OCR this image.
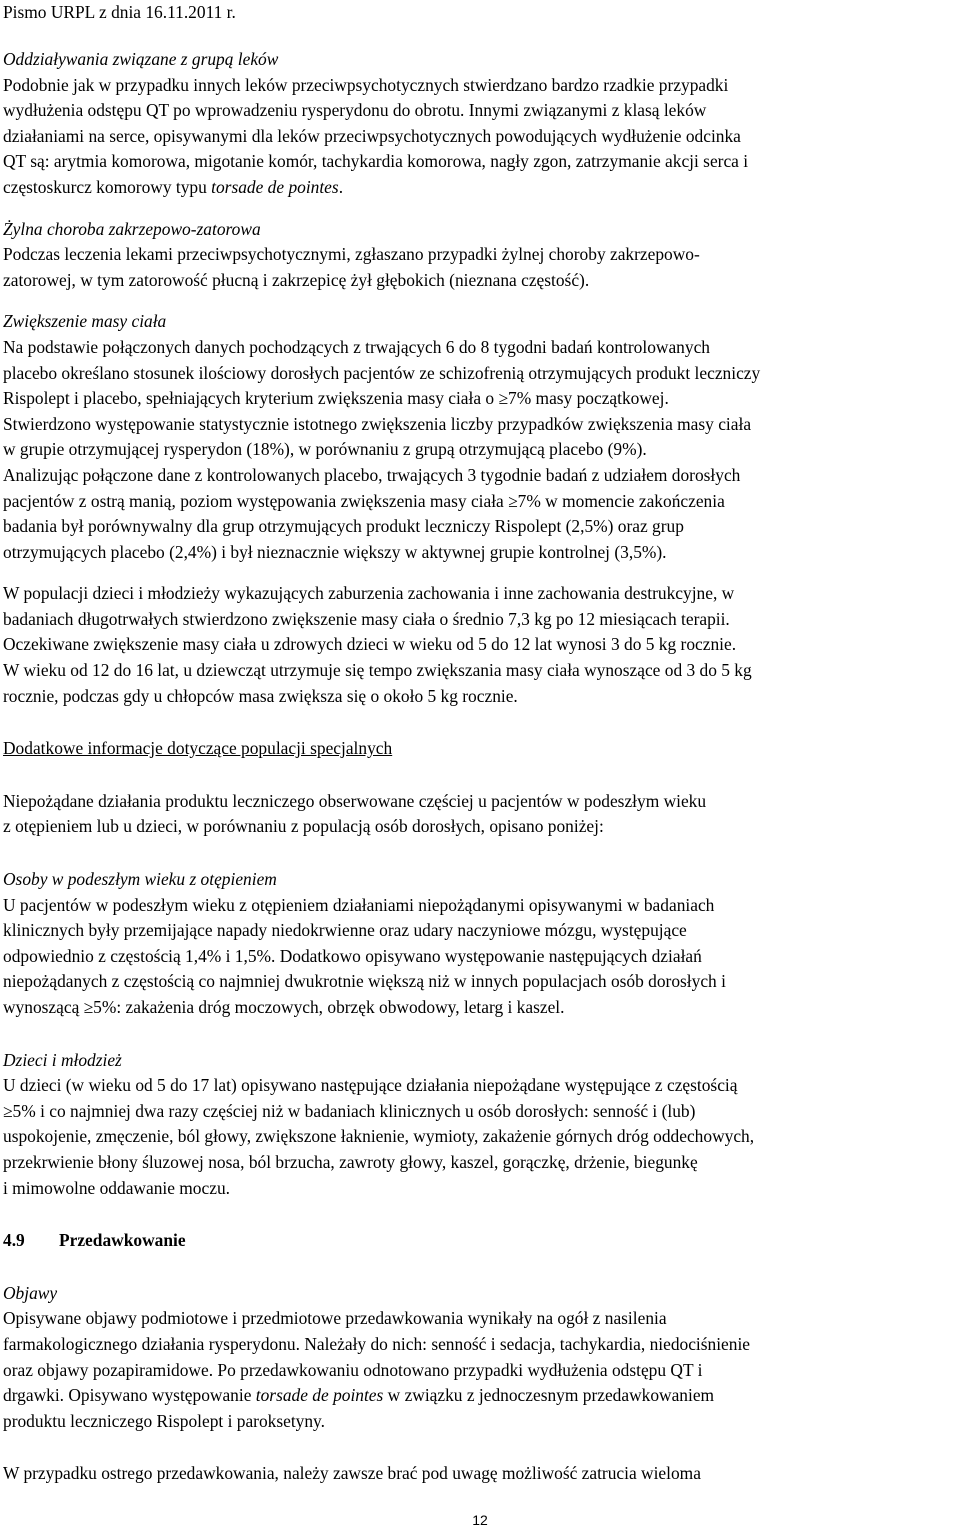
Pismo URPL z dnia 16.11.2011 r.

Oddziaływania związane z grupą leków

Podobnie jak w przypadku innych leków przeciwpsychotycznych stwierdzano bardzo rzadkie przypadki

wydłużenia odstępu QT po wprowadzeniu rysperydonu do obrotu. Innymi związanymi z klasą leków

działaniami na serce, opisywanymi dla leków przeciwpsychotycznych powodujących wydłużenie odcinka

QT są: arytmia komorowa, migotanie komór, tachykardia komorowa, nagły zgon, zatrzymanie akcji serca i

częstoskurcz komorowy typu torsade de pointes.

Żylna choroba zakrzepowo-zatorowa

Podczas leczenia lekami przeciwpsychotycznymi, zgłaszano przypadki żylnej choroby zakrzepowo-

zatorowej, w tym zatorowość płucną i zakrzepicę żył głębokich (nieznana częstość).

Zwiększenie masy ciała

Na podstawie połączonych danych pochodzących z trwających 6 do 8 tygodni badań kontrolowanych

placebo określano stosunek ilościowy dorosłych pacjentów ze schizofrenią otrzymujących produkt leczniczy

Rispolept i placebo, spełniających kryterium zwiększenia masy ciała o ≥7% masy początkowej.

Stwierdzono występowanie statystycznie istotnego zwiększenia liczby przypadków zwiększenia masy ciała

w grupie otrzymującej rysperydon (18%), w porównaniu z grupą otrzymującą placebo (9%).

Analizując połączone dane z kontrolowanych placebo, trwających 3 tygodnie badań z udziałem dorosłych

pacjentów z ostrą manią, poziom występowania zwiększenia masy ciała ≥7% w momencie zakończenia

badania był porównywalny dla grup otrzymujących produkt leczniczy Rispolept (2,5%) oraz grup

otrzymujących placebo (2,4%) i był nieznacznie większy w aktywnej grupie kontrolnej (3,5%).

W populacji dzieci i młodzieży wykazujących zaburzenia zachowania i inne zachowania destrukcyjne, w

badaniach długotrwałych stwierdzono zwiększenie masy ciała o średnio 7,3 kg po 12 miesiącach terapii.

Oczekiwane zwiększenie masy ciała u zdrowych dzieci w wieku od 5 do 12 lat wynosi 3 do 5 kg rocznie.

W wieku od 12 do 16 lat, u dziewcząt utrzymuje się tempo zwiększania masy ciała wynoszące od 3 do 5 kg

rocznie, podczas gdy u chłopców masa zwiększa się o około 5 kg rocznie.

Dodatkowe informacje dotyczące populacji specjalnych

Niepożądane działania produktu leczniczego obserwowane częściej u pacjentów w podeszłym wieku

z otępieniem lub u dzieci, w porównaniu z populacją osób dorosłych, opisano poniżej:

Osoby w podeszłym wieku z otępieniem

U pacjentów w podeszłym wieku z otępieniem działaniami niepożądanymi opisywanymi w badaniach

klinicznych były przemijające napady niedokrwienne oraz udary naczyniowe mózgu, występujące

odpowiednio z częstością 1,4% i 1,5%. Dodatkowo opisywano występowanie następujących działań

niepożądanych z częstością co najmniej dwukrotnie większą niż w innych populacjach osób dorosłych i

wynoszącą ≥5%: zakażenia dróg moczowych, obrzęk obwodowy, letarg i kaszel.

Dzieci i młodzież

U dzieci (w wieku od 5 do 17 lat) opisywano następujące działania niepożądane występujące z częstością

≥5% i co najmniej dwa razy częściej niż w badaniach klinicznych u osób dorosłych: senność i (lub)

uspokojenie, zmęczenie, ból głowy, zwiększone łaknienie, wymioty, zakażenie górnych dróg oddechowych,

przekrwienie błony śluzowej nosa, ból brzucha, zawroty głowy, kaszel, gorączkę, drżenie, biegunkę

i mimowolne oddawanie moczu.

4.9 Przedawkowanie

Objawy

Opisywane objawy podmiotowe i przedmiotowe przedawkowania wynikały na ogół z nasilenia

farmakologicznego działania rysperydonu. Należały do nich: senność i sedacja, tachykardia, niedociśnienie

oraz objawy pozapiramidowe. Po przedawkowaniu odnotowano przypadki wydłużenia odstępu QT i

drgawki. Opisywano występowanie torsade de pointes w związku z jednoczesnym przedawkowaniem

produktu leczniczego Rispolept i paroksetyny.

W przypadku ostrego przedawkowania, należy zawsze brać pod uwagę możliwość zatrucia wieloma

12
